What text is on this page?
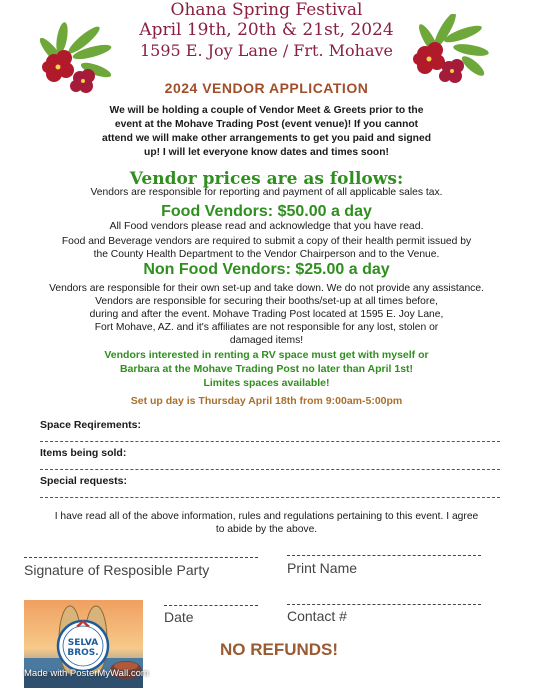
Ohana Spring Festival
April 19th, 20th & 21st, 2024
1595 E. Joy Lane / Frt. Mohave
2024 VENDOR APPLICATION
We will be holding a couple of Vendor Meet & Greets prior to the
event at the Mohave Trading Post (event venue)! If you cannot
attend we will make other arrangements to get you paid and signed
up! I will let everyone know dates and times soon!
Vendor prices are as follows:
Vendors are responsible for reporting and payment of all applicable sales tax.
Food Vendors: $50.00 a day
All Food vendors please read and acknowledge that you have read.
Food and Beverage vendors are required to submit a copy of their health permit issued by
the County Health Department to the Vendor Chairperson and to the Venue.
Non Food Vendors: $25.00 a day
Vendors are responsible for their own set-up and take down. We do not provide any assistance.
Vendors are responsible for securing their booths/set-up at all times before,
during and after the event. Mohave Trading Post located at 1595 E. Joy Lane,
Fort Mohave, AZ. and it's affiliates are not responsible for any lost, stolen or
damaged items!
Vendors interested in renting a RV space must get with myself or
Barbara at the Mohave Trading Post no later than April 1st!
Limites spaces available!
Set up day is Thursday April 18th from 9:00am-5:00pm
Space Reqirements:
Items being sold:
Special requests:
I have read all of the above information, rules and regulations pertaining to this event. I agree
to abide by the above.
Signature of Resposible Party	Print Name
Date	Contact #
NO REFUNDS!
SELVA
BROS.
Made with PosterMyWall.com
